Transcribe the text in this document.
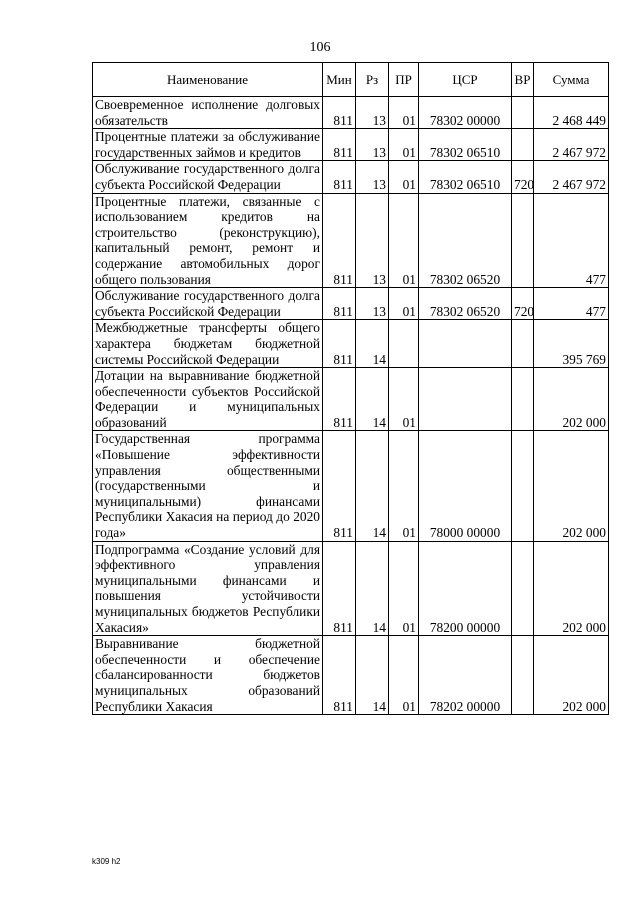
106
Наименование	Мин	Рз	ПР	ЦСР	ВР	Сумма
Своевременное исполнение долговых обязательств	811	13	01	78302 00000		2 468 449
Процентные платежи за обслуживание государственных займов и кредитов	811	13	01	78302 06510		2 467 972
Обслуживание государственного долга субъекта Российской Федерации	811	13	01	78302 06510	720	2 467 972
Процентные платежи, связанные с использованием кредитов на строительство (реконструкцию), капитальный ремонт, ремонт и содержание автомобильных дорог общего пользования	811	13	01	78302 06520		477
Обслуживание государственного долга субъекта Российской Федерации	811	13	01	78302 06520	720	477
Межбюджетные трансферты общего характера бюджетам бюджетной системы Российской Федерации	811	14				395 769
Дотации на выравнивание бюджетной обеспеченности субъектов Российской Федерации и муниципальных образований	811	14	01			202 000
Государственная программа «Повышение эффективности управления общественными (государственными и муниципальными) финансами Республики Хакасия на период до 2020 года»	811	14	01	78000 00000		202 000
Подпрограмма «Создание условий для эффективного управления муниципальными финансами и повышения устойчивости муниципальных бюджетов Республики Хакасия»	811	14	01	78200 00000		202 000
Выравнивание бюджетной обеспеченности и обеспечение сбалансированности бюджетов муниципальных образований Республики Хакасия	811	14	01	78202 00000		202 000
k309 h2
